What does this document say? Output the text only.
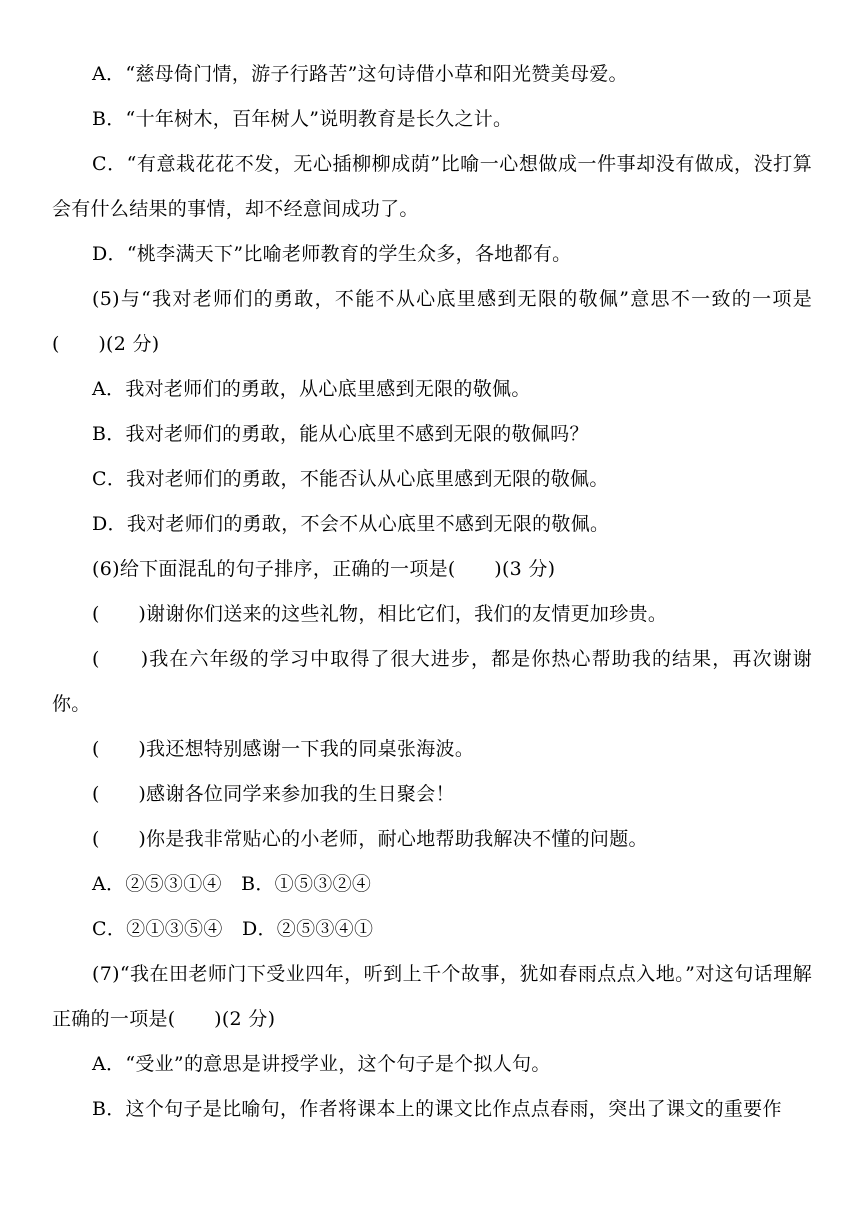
A．“慈母倚门情，游子行路苦”这句诗借小草和阳光赞美母爱。
B．“十年树木，百年树人”说明教育是长久之计。
C．“有意栽花花不发，无心插柳柳成荫”比喻一心想做成一件事却没有做成，没打算会有什么结果的事情，却不经意间成功了。
D．“桃李满天下”比喻老师教育的学生众多，各地都有。
(5)与“我对老师们的勇敢，不能不从心底里感到无限的敬佩”意思不一致的一项是(　　)(2 分)
A．我对老师们的勇敢，从心底里感到无限的敬佩。
B．我对老师们的勇敢，能从心底里不感到无限的敬佩吗？
C．我对老师们的勇敢，不能否认从心底里感到无限的敬佩。
D．我对老师们的勇敢，不会不从心底里不感到无限的敬佩。
(6)给下面混乱的句子排序，正确的一项是(　　)(3 分)
(　　)谢谢你们送来的这些礼物，相比它们，我们的友情更加珍贵。
(　　)我在六年级的学习中取得了很大进步，都是你热心帮助我的结果，再次谢谢你。
(　　)我还想特别感谢一下我的同桌张海波。
(　　)感谢各位同学来参加我的生日聚会！
(　　)你是我非常贴心的小老师，耐心地帮助我解决不懂的问题。
A．②⑤③①④　B．①⑤③②④
C．②①③⑤④　D．②⑤③④①
(7)“我在田老师门下受业四年，听到上千个故事，犹如春雨点点入地。”对这句话理解正确的一项是(　　)(2 分)
A．“受业”的意思是讲授学业，这个句子是个拟人句。
B．这个句子是比喻句，作者将课本上的课文比作点点春雨，突出了课文的重要作
